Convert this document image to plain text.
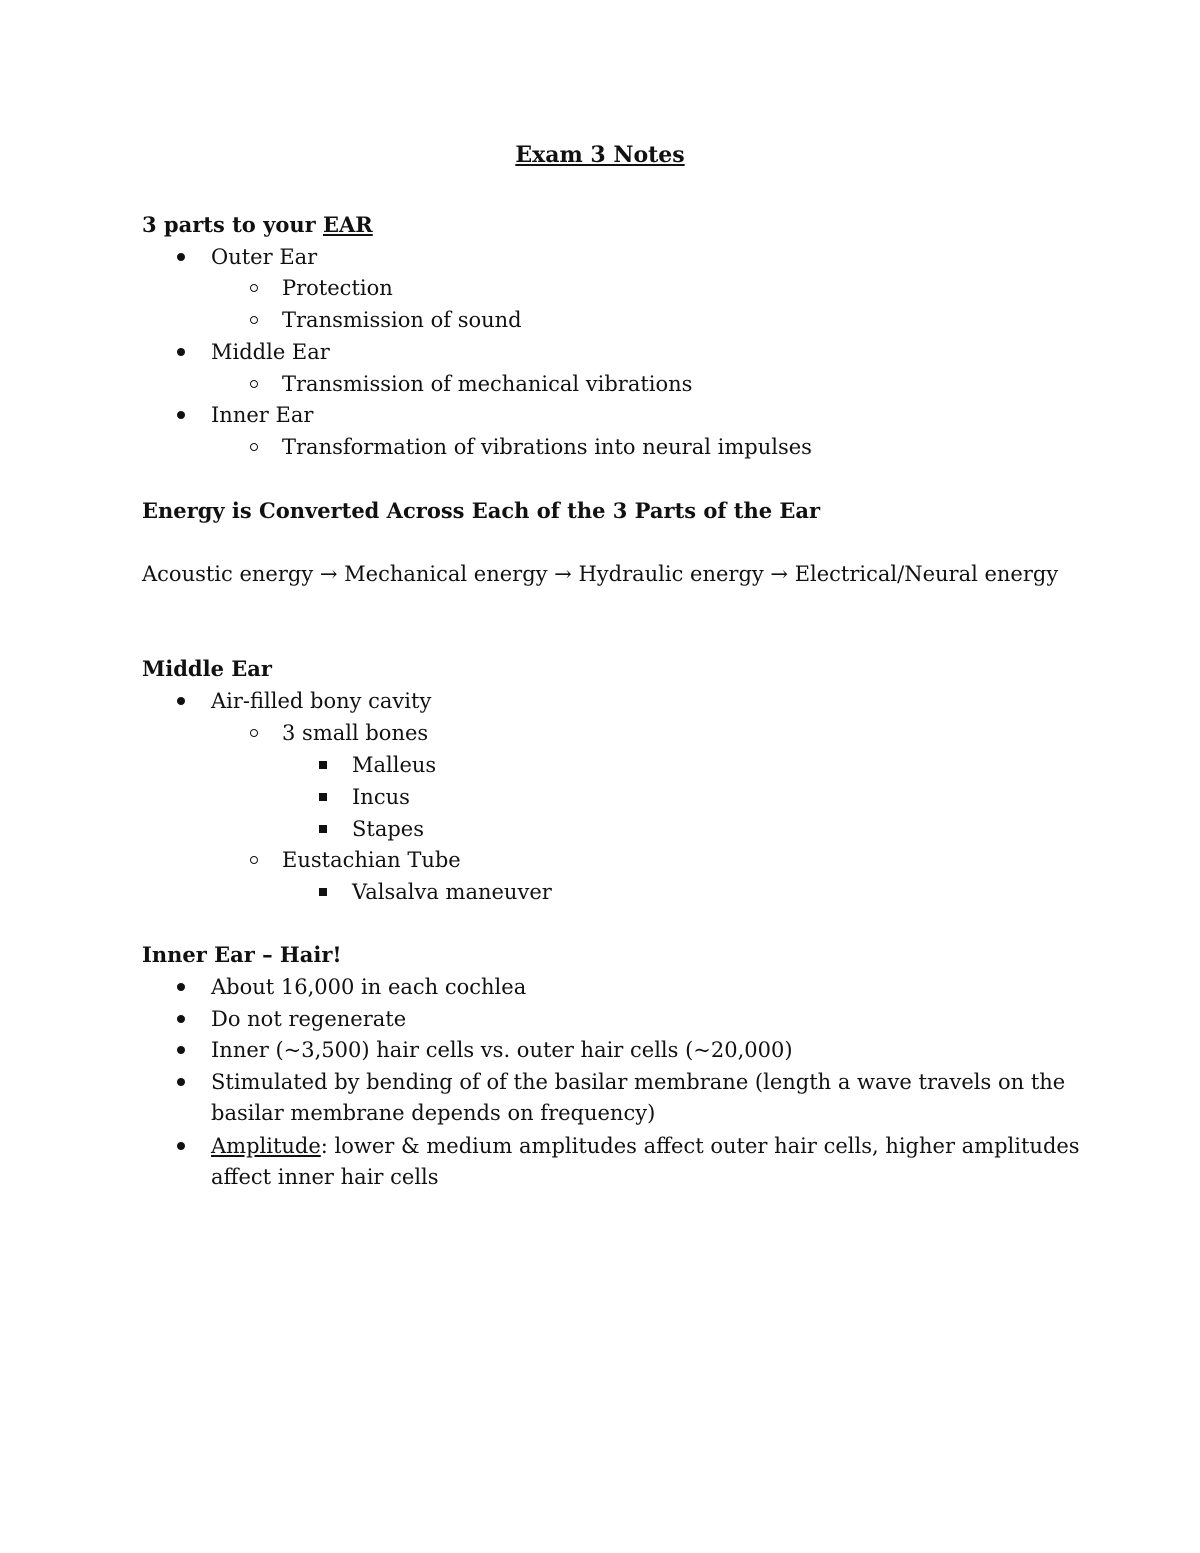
Exam 3 Notes
3 parts to your EAR
Outer Ear
Protection
Transmission of sound
Middle Ear
Transmission of mechanical vibrations
Inner Ear
Transformation of vibrations into neural impulses
Energy is Converted Across Each of the 3 Parts of the Ear
Acoustic energy → Mechanical energy → Hydraulic energy → Electrical/Neural energy
Middle Ear
Air-filled bony cavity
3 small bones
Malleus
Incus
Stapes
Eustachian Tube
Valsalva maneuver
Inner Ear – Hair!
About 16,000 in each cochlea
Do not regenerate
Inner (~3,500) hair cells vs. outer hair cells (~20,000)
Stimulated by bending of of the basilar membrane (length a wave travels on the
basilar membrane depends on frequency)
Amplitude: lower & medium amplitudes affect outer hair cells, higher amplitudes
affect inner hair cells
